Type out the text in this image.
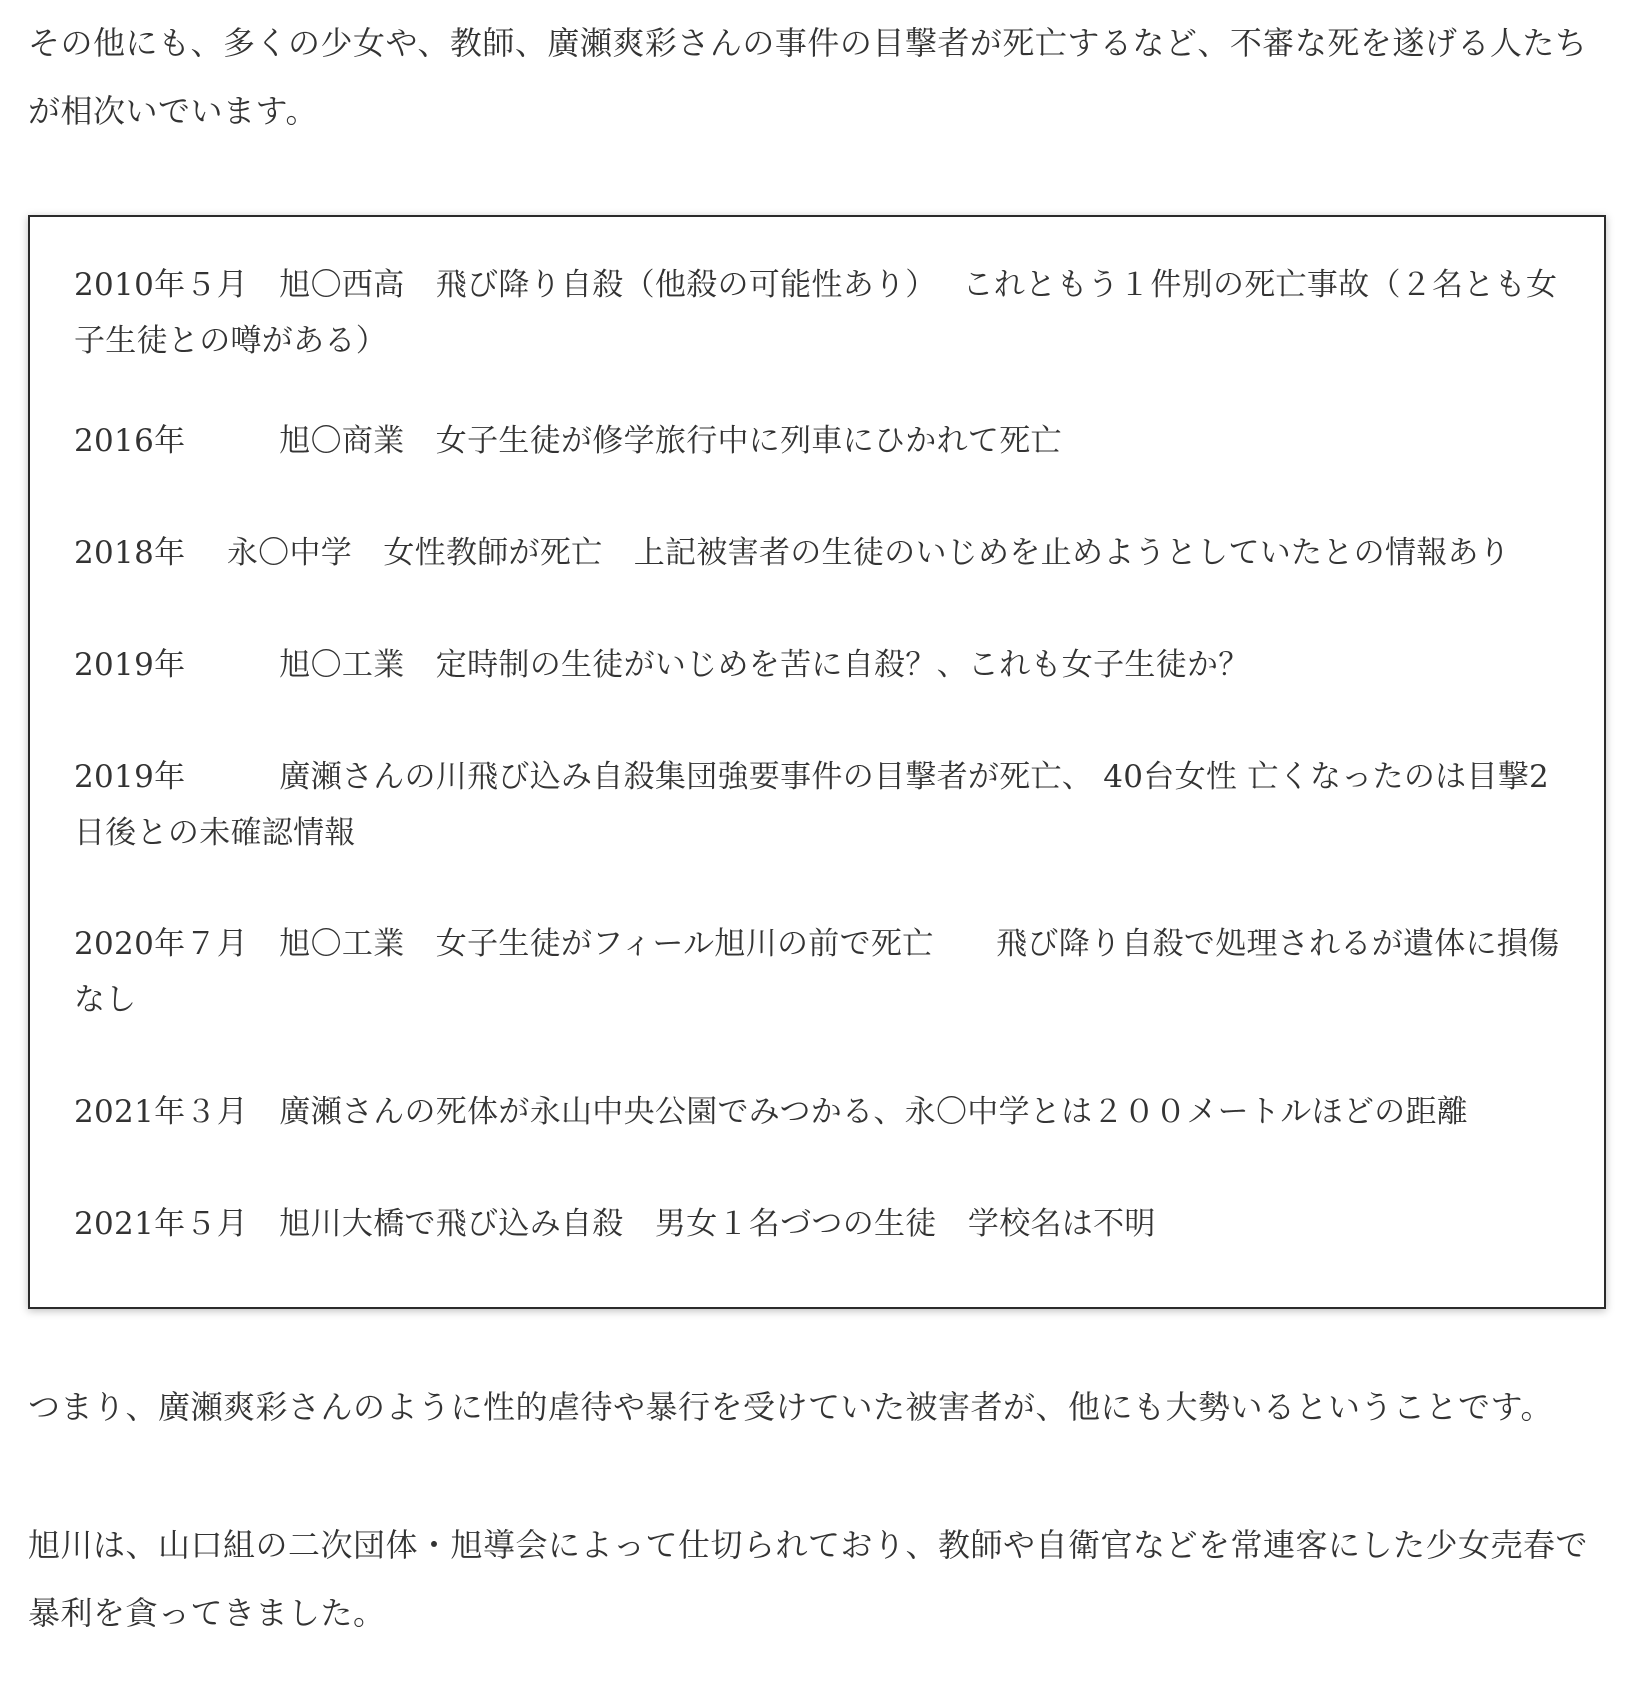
その他にも、多くの少女や、教師、廣瀬爽彩さんの事件の目撃者が死亡するなど、不審な死を遂げる人たちが相次いでいます。

つまり、廣瀬爽彩さんのように性的虐待や暴行を受けていた被害者が、他にも大勢いるということです。

旭川は、山口組の二次団体・旭導会によって仕切られており、教師や自衛官などを常連客にした少女売春で暴利を貪ってきました。

2010年５月　旭〇西高　飛び降り自殺（他殺の可能性あり）　 これともう１件別の死亡事故（２名とも女子生徒との噂がある）
2016年　　　旭〇商業　女子生徒が修学旅行中に列車にひかれて死亡
2018年　 永〇中学　女性教師が死亡　上記被害者の生徒のいじめを止めようとしていたとの情報あり
2019年　　　旭〇工業　定時制の生徒がいじめを苦に自殺？、これも女子生徒か？
2019年　　　廣瀬さんの川飛び込み自殺集団強要事件の目撃者が死亡、 40台女性 亡くなったのは目撃2日後との未確認情報
2020年７月　旭〇工業　女子生徒がフィール旭川の前で死亡　　飛び降り自殺で処理されるが遺体に損傷なし
2021年３月　廣瀬さんの死体が永山中央公園でみつかる、永〇中学とは２００メートルほどの距離
2021年５月　旭川大橋で飛び込み自殺　男女１名づつの生徒　学校名は不明
